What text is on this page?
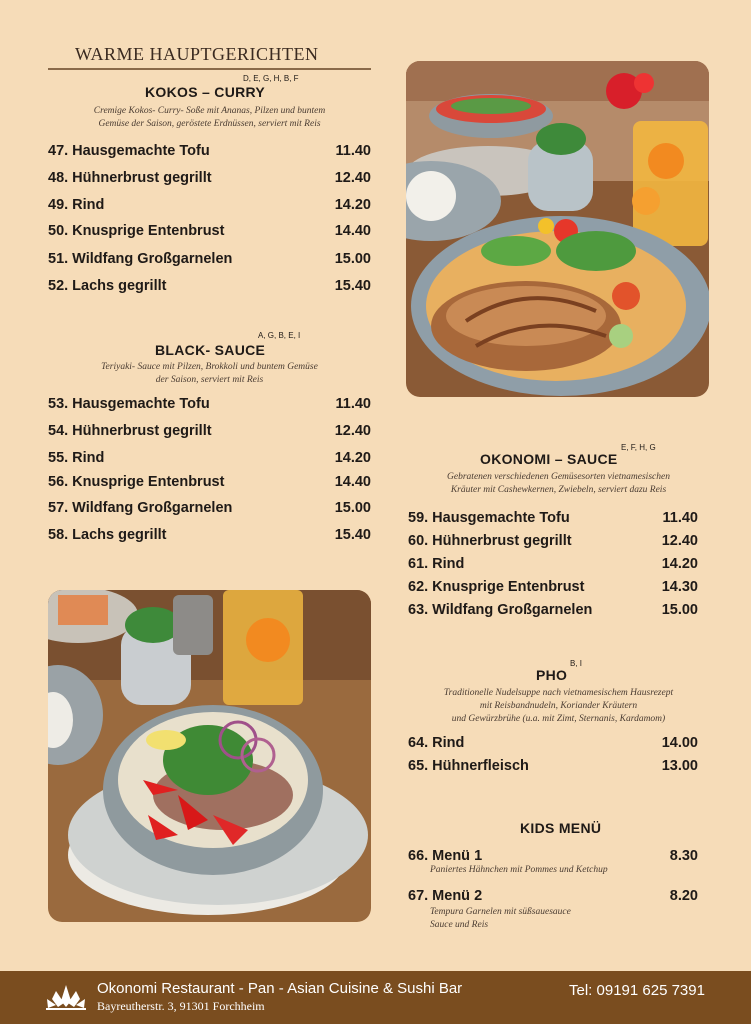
WARME HAUPTGERICHTEN
KOKOS – CURRY
D, E, G, H, B, F
Cremige Kokos- Curry- Soße mit Ananas, Pilzen und buntem
Gemüse der Saison, geröstete Erdnüssen, serviert mit Reis
47. Hausgemachte Tofu	11.40
48. Hühnerbrust gegrillt	12.40
49. Rind	14.20
50. Knusprige Entenbrust	14.40
51. Wildfang Großgarnelen	15.00
52. Lachs gegrillt	15.40
BLACK- SAUCE
A, G, B, E, I
Teriyaki- Sauce mit Pilzen, Brokkoli und buntem Gemüse
der Saison, serviert mit Reis
53. Hausgemachte Tofu	11.40
54. Hühnerbrust gegrillt	12.40
55. Rind	14.20
56. Knusprige Entenbrust	14.40
57. Wildfang Großgarnelen	15.00
58. Lachs gegrillt	15.40
OKONOMI – SAUCE
E, F, H, G
Gebratenen verschiedenen Gemüsesorten vietnamesischen
Kräuter mit Cashewkernen, Zwiebeln, serviert dazu Reis
59. Hausgemachte Tofu	11.40
60. Hühnerbrust gegrillt	12.40
61. Rind	14.20
62. Knusprige Entenbrust	14.30
63. Wildfang Großgarnelen	15.00
PHO
B, I
Traditionelle Nudelsuppe nach vietnamesischem Hausrezept
mit Reisbandnudeln, Koriander Kräutern
und Gewürzbrühe (u.a. mit Zimt, Sternanis, Kardamom)
64. Rind	14.00
65. Hühnerfleisch	13.00
KIDS MENÜ
66. Menü 1	8.30
Paniertes Hähnchen mit Pommes und Ketchup
67. Menü 2	8.20
Tempura Garnelen mit süßsauesauce
Sauce und Reis
Okonomi Restaurant - Pan - Asian Cuisine & Sushi Bar
Bayreutherstr. 3, 91301 Forchheim
Tel: 09191 625 7391
